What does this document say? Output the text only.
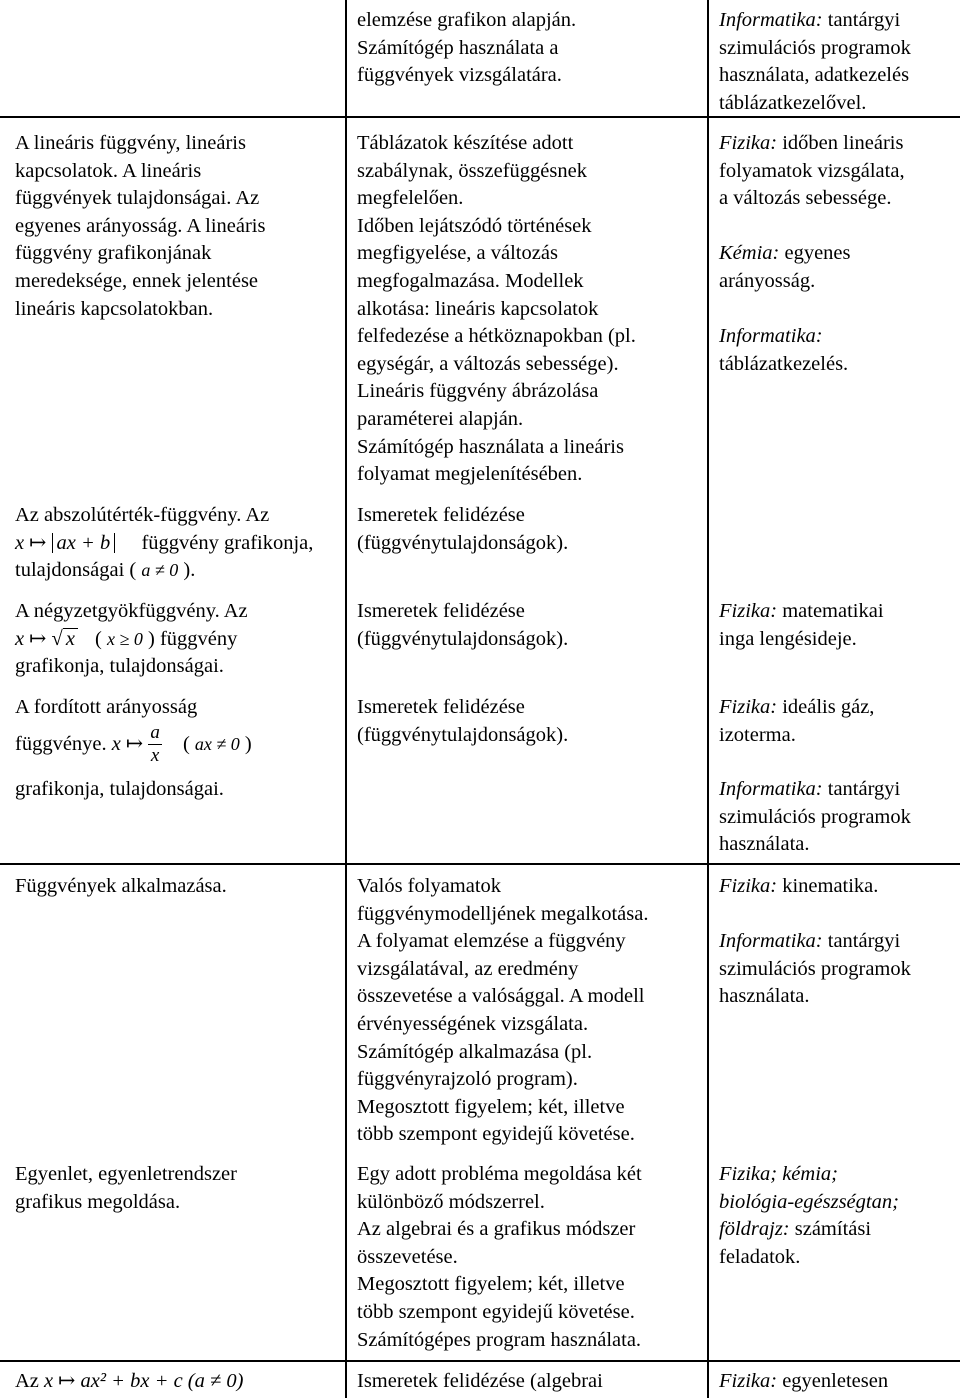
A lineáris függvény, lineáris

kapcsolatok. A lineáris

függvények tulajdonságai. Az

egyenes arányosság. A lineáris

függvény grafikonjának

meredeksége, ennek jelentése

lineáris kapcsolatokban.

Az abszolútérték-függvény. Az

x ↦ ax + b függvény grafikonja,

tulajdonságai ( a ≠ 0 ).

A négyzetgyökfüggvény. Az

x ↦ √ x ( x ≥ 0 ) függvény

grafikonja, tulajdonságai.

A fordított arányosság

függvénye. x ↦ $\frac{a}{x}$ ( ax ≠ 0 )

grafikonja, tulajdonságai.

Függvények alkalmazása.

Egyenlet, egyenletrendszer

grafikus megoldása.

Az x ↦ ax² + bx + c (a ≠ 0)

elemzése grafikon alapján.

Számítógép használata a

függvények vizsgálatára.

Táblázatok készítése adott

szabálynak, összefüggésnek

megfelelően.

Időben lejátszódó történések

megfigyelése, a változás

megfogalmazása. Modellek

alkotása: lineáris kapcsolatok

felfedezése a hétköznapokban (pl.

egységár, a változás sebessége).

Lineáris függvény ábrázolása

paraméterei alapján.

Számítógép használata a lineáris

folyamat megjelenítésében.

Ismeretek felidézése

(függvénytulajdonságok).

Ismeretek felidézése

(függvénytulajdonságok).

Ismeretek felidézése

(függvénytulajdonságok).

Valós folyamatok

függvénymodelljének megalkotása.

A folyamat elemzése a függvény

vizsgálatával, az eredmény

összevetése a valósággal. A modell

érvényességének vizsgálata.

Számítógép alkalmazása (pl.

függvényrajzoló program).

Megosztott figyelem; két, illetve

több szempont egyidejű követése.

Egy adott probléma megoldása két

különböző módszerrel.

Az algebrai és a grafikus módszer

összevetése.

Megosztott figyelem; két, illetve

több szempont egyidejű követése.

Számítógépes program használata.

Ismeretek felidézése (algebrai

Informatika: tantárgyi

szimulációs programok

használata, adatkezelés

táblázatkezelővel.

Fizika: időben lineáris

folyamatok vizsgálata,

a változás sebessége.

Kémia: egyenes

arányosság.

Informatika:

táblázatkezelés.

Fizika: matematikai

inga lengésideje.

Fizika: ideális gáz,

izoterma.

Informatika: tantárgyi

szimulációs programok

használata.

Fizika: kinematika.

Informatika: tantárgyi

szimulációs programok

használata.

Fizika; kémia;

biológia-egészségtan;

földrajz: számítási

feladatok.

Fizika: egyenletesen
